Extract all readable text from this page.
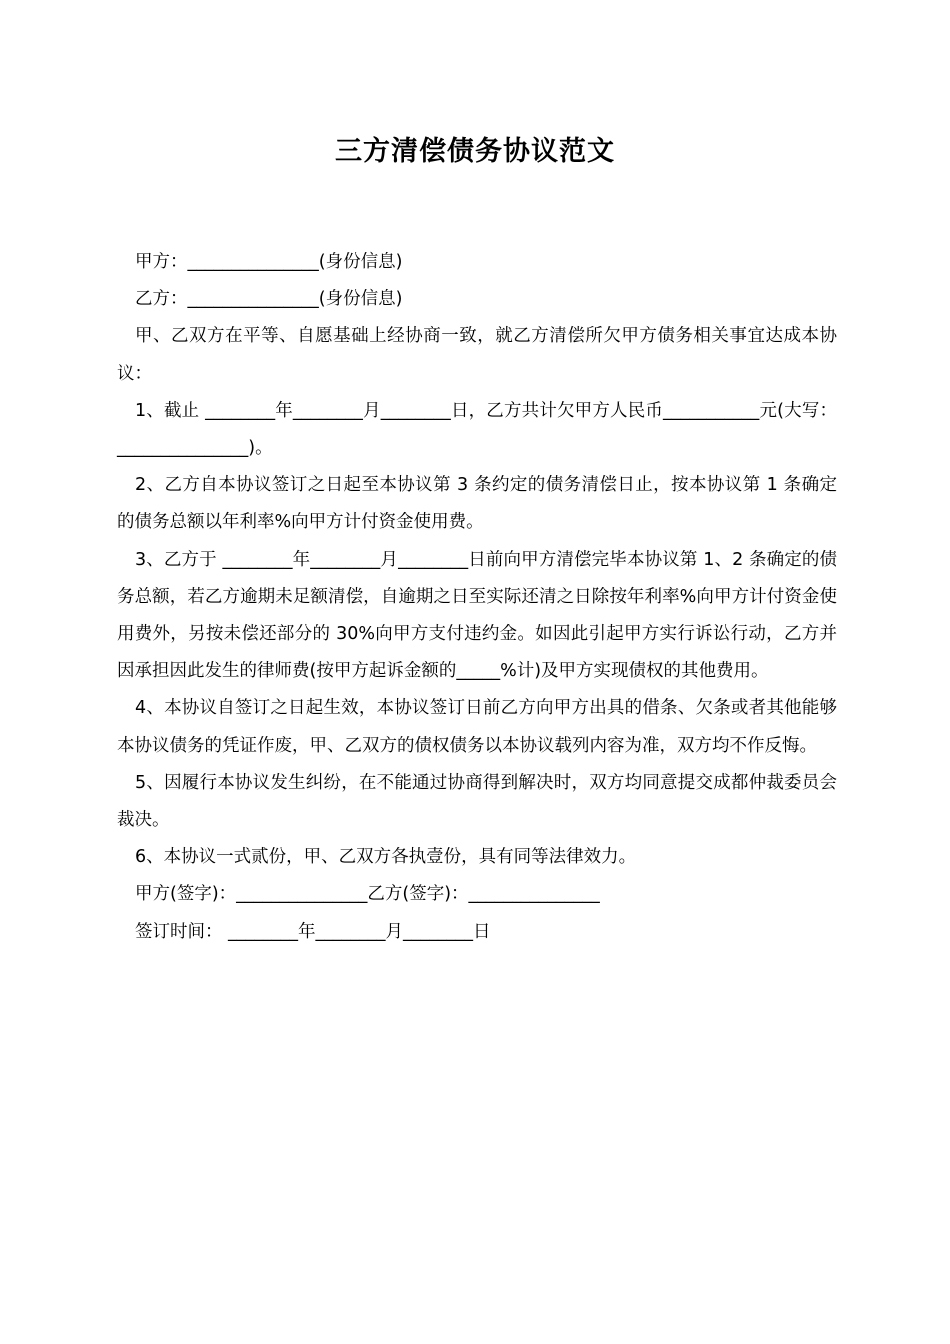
三方清偿债务协议范文

甲方：_______________(身份信息)

乙方：_______________(身份信息)

甲、乙双方在平等、自愿基础上经协商一致，就乙方清偿所欠甲方债务相关事宜达成本协议：

1、截止 ________年________月________日，乙方共计欠甲方人民币___________元(大写：_______________)。

2、乙方自本协议签订之日起至本协议第 3 条约定的债务清偿日止，按本协议第 1 条确定的债务总额以年利率%向甲方计付资金使用费。

3、乙方于 ________年________月________日前向甲方清偿完毕本协议第 1、2 条确定的债务总额，若乙方逾期未足额清偿，自逾期之日至实际还清之日除按年利率%向甲方计付资金使用费外，另按未偿还部分的 30%向甲方支付违约金。如因此引起甲方实行诉讼行动，乙方并因承担因此发生的律师费(按甲方起诉金额的_____%计)及甲方实现债权的其他费用。

4、本协议自签订之日起生效，本协议签订日前乙方向甲方出具的借条、欠条或者其他能够本协议债务的凭证作废，甲、乙双方的债权债务以本协议载列内容为准，双方均不作反悔。

5、因履行本协议发生纠纷，在不能通过协商得到解决时，双方均同意提交成都仲裁委员会裁决。

6、本协议一式贰份，甲、乙双方各执壹份，具有同等法律效力。

甲方(签字)：_______________乙方(签字)：_______________

签订时间： ________年________月________日
